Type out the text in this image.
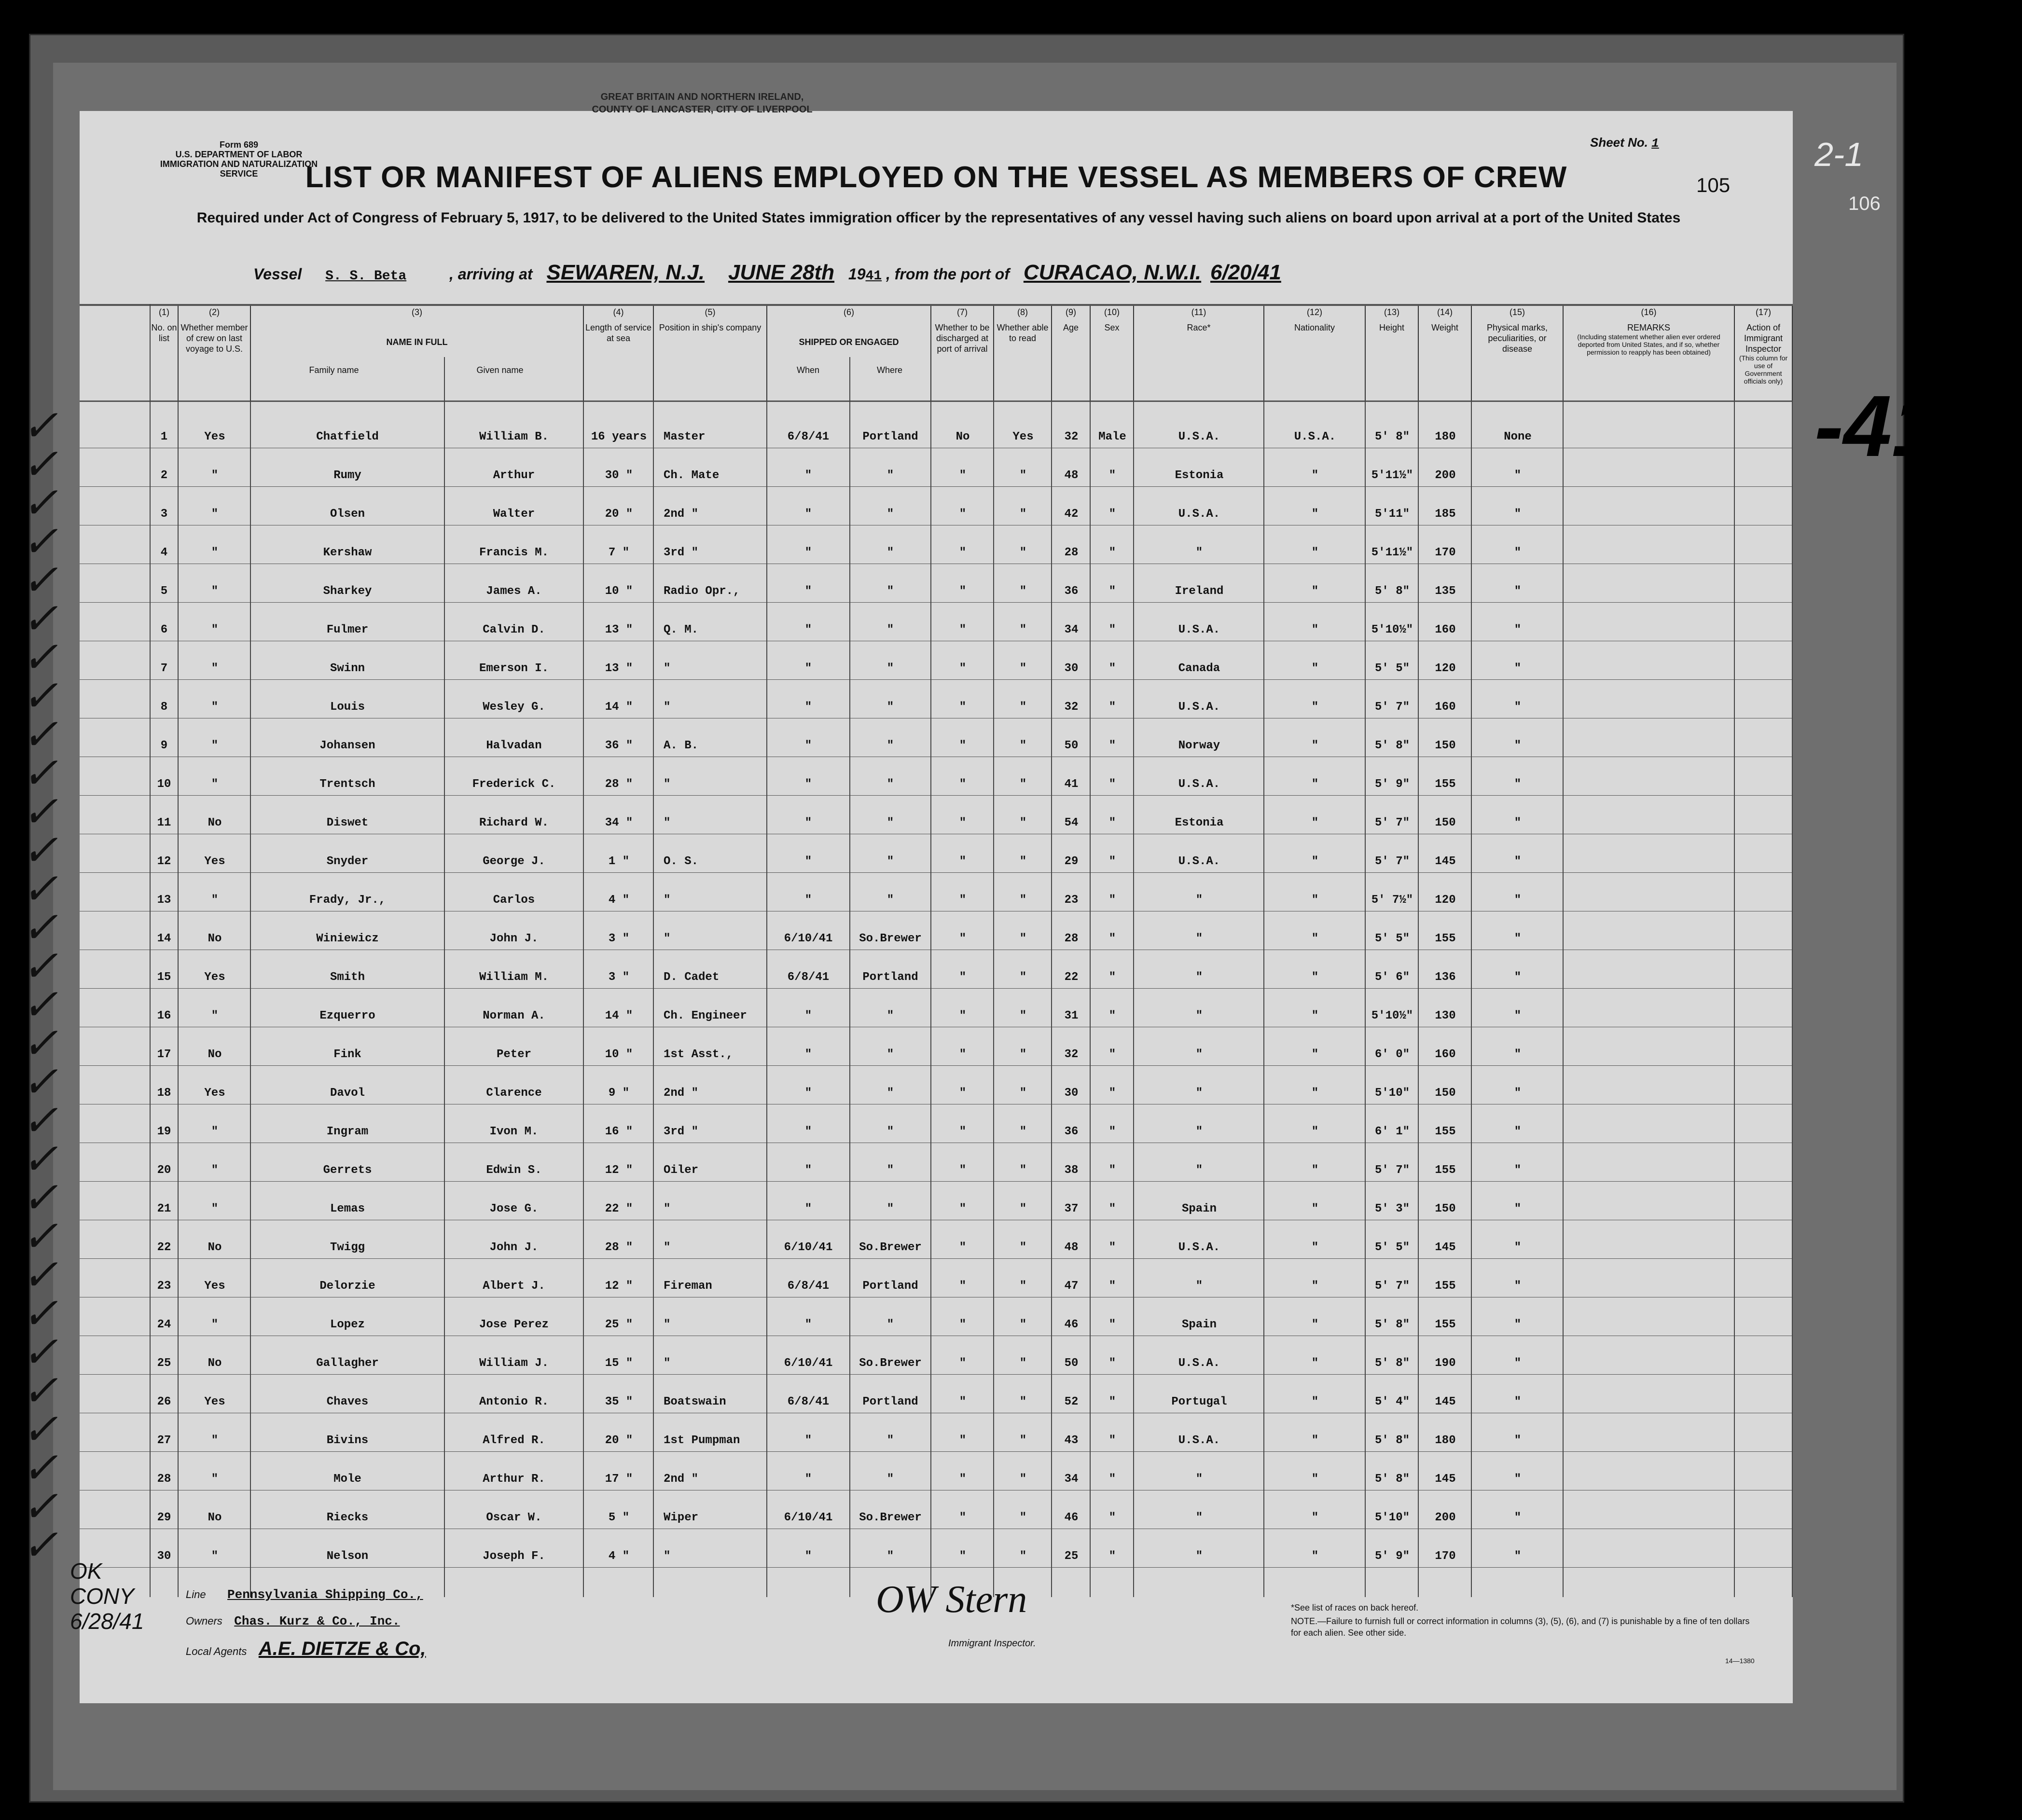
2-1
106
-41
Form 689
U.S. DEPARTMENT OF LABOR
IMMIGRATION AND NATURALIZATION SERVICE
GREAT BRITAIN AND NORTHERN IRELAND,
COUNTY OF LANCASTER, CITY OF LIVERPOOL
LIST OR MANIFEST OF ALIENS EMPLOYED ON THE VESSEL AS MEMBERS OF CREW
Sheet No. 1
105
Required under Act of Congress of February 5, 1917, to be delivered to the United States immigration officer by the representatives of any vessel having such aliens on board upon arrival at a port of the United States
Vessel S. S. Beta	, arriving at SEWAREN, N.J. JUNE 28th 1941 , from the port of CURACAO, N.W.I. 6/20/41
(1)
No. on list
(2)
Whether member of crew on last voyage to U.S.
(3)
NAME IN FULL
Family name	Given name
(4)
Length of service at sea
(5)
Position in ship's company
(6)
SHIPPED OR ENGAGED
When	Where
(7)
Whether to be discharged at port of arrival
(8)
Whether able to read
(9)
Age
(10)
Sex
(11)
Race*
(12)
Nationality
(13)
Height
(14)
Weight
(15)
Physical marks, peculiarities, or disease
(16)
REMARKS
(Including statement whether alien ever ordered deported from United States, and if so, whether permission to reapply has been obtained)
(17)
Action of Immigrant Inspector
(This column for use of Government officials only)
1	Yes	Chatfield	William B.	16 years	Master	6/8/41	Portland	No	Yes	32	Male	U.S.A.	U.S.A.	5' 8"	180	None
✓
2	"	Rumy	Arthur	30 "	Ch. Mate	"	"	"	"	48	"	Estonia	"	5'11½"	200	"
✓
3	"	Olsen	Walter	20 "	2nd "	"	"	"	"	42	"	U.S.A.	"	5'11"	185	"
✓
4	"	Kershaw	Francis M.	7 "	3rd "	"	"	"	"	28	"	"	"	5'11½"	170	"
✓
5	"	Sharkey	James A.	10 "	Radio Opr.,	"	"	"	"	36	"	Ireland	"	5' 8"	135	"
✓
6	"	Fulmer	Calvin D.	13 "	Q. M.	"	"	"	"	34	"	U.S.A.	"	5'10½"	160	"
✓
7	"	Swinn	Emerson I.	13 "	"	"	"	"	"	30	"	Canada	"	5' 5"	120	"
✓
8	"	Louis	Wesley G.	14 "	"	"	"	"	"	32	"	U.S.A.	"	5' 7"	160	"
✓
9	"	Johansen	Halvadan	36 "	A. B.	"	"	"	"	50	"	Norway	"	5' 8"	150	"
✓
10	"	Trentsch	Frederick C.	28 "	"	"	"	"	"	41	"	U.S.A.	"	5' 9"	155	"
✓
11	No	Diswet	Richard W.	34 "	"	"	"	"	"	54	"	Estonia	"	5' 7"	150	"
✓
12	Yes	Snyder	George J.	1 "	O. S.	"	"	"	"	29	"	U.S.A.	"	5' 7"	145	"
✓
13	"	Frady, Jr.,	Carlos	4 "	"	"	"	"	"	23	"	"	"	5' 7½"	120	"
✓
14	No	Winiewicz	John J.	3 "	"	6/10/41	So.Brewer	"	"	28	"	"	"	5' 5"	155	"
✓
15	Yes	Smith	William M.	3 "	D. Cadet	6/8/41	Portland	"	"	22	"	"	"	5' 6"	136	"
✓
16	"	Ezquerro	Norman A.	14 "	Ch. Engineer	"	"	"	"	31	"	"	"	5'10½"	130	"
✓
17	No	Fink	Peter	10 "	1st Asst.,	"	"	"	"	32	"	"	"	6' 0"	160	"
✓
18	Yes	Davol	Clarence	9 "	2nd "	"	"	"	"	30	"	"	"	5'10"	150	"
✓
19	"	Ingram	Ivon M.	16 "	3rd "	"	"	"	"	36	"	"	"	6' 1"	155	"
✓
20	"	Gerrets	Edwin S.	12 "	Oiler	"	"	"	"	38	"	"	"	5' 7"	155	"
✓
21	"	Lemas	Jose G.	22 "	"	"	"	"	"	37	"	Spain	"	5' 3"	150	"
✓
22	No	Twigg	John J.	28 "	"	6/10/41	So.Brewer	"	"	48	"	U.S.A.	"	5' 5"	145	"
✓
23	Yes	Delorzie	Albert J.	12 "	Fireman	6/8/41	Portland	"	"	47	"	"	"	5' 7"	155	"
✓
24	"	Lopez	Jose Perez	25 "	"	"	"	"	"	46	"	Spain	"	5' 8"	155	"
✓
25	No	Gallagher	William J.	15 "	"	6/10/41	So.Brewer	"	"	50	"	U.S.A.	"	5' 8"	190	"
✓
26	Yes	Chaves	Antonio R.	35 "	Boatswain	6/8/41	Portland	"	"	52	"	Portugal	"	5' 4"	145	"
✓
27	"	Bivins	Alfred R.	20 "	1st Pumpman	"	"	"	"	43	"	U.S.A.	"	5' 8"	180	"
✓
28	"	Mole	Arthur R.	17 "	2nd "	"	"	"	"	34	"	"	"	5' 8"	145	"
✓
29	No	Riecks	Oscar W.	5 "	Wiper	6/10/41	So.Brewer	"	"	46	"	"	"	5'10"	200	"
✓
30	"	Nelson	Joseph F.	4 "	"	"	"	"	"	25	"	"	"	5' 9"	170	"
✓
Line Pennsylvania Shipping Co.,
Owners Chas. Kurz & Co., Inc.
Local Agents A.E. DIETZE & Co,
OW Stern
Immigrant Inspector.
*See list of races on back hereof.
NOTE.—Failure to furnish full or correct information in columns (3), (5), (6), and (7) is punishable by a fine of ten dollars for each alien. See other side.
14—1380
OK
CONY
6/28/41
